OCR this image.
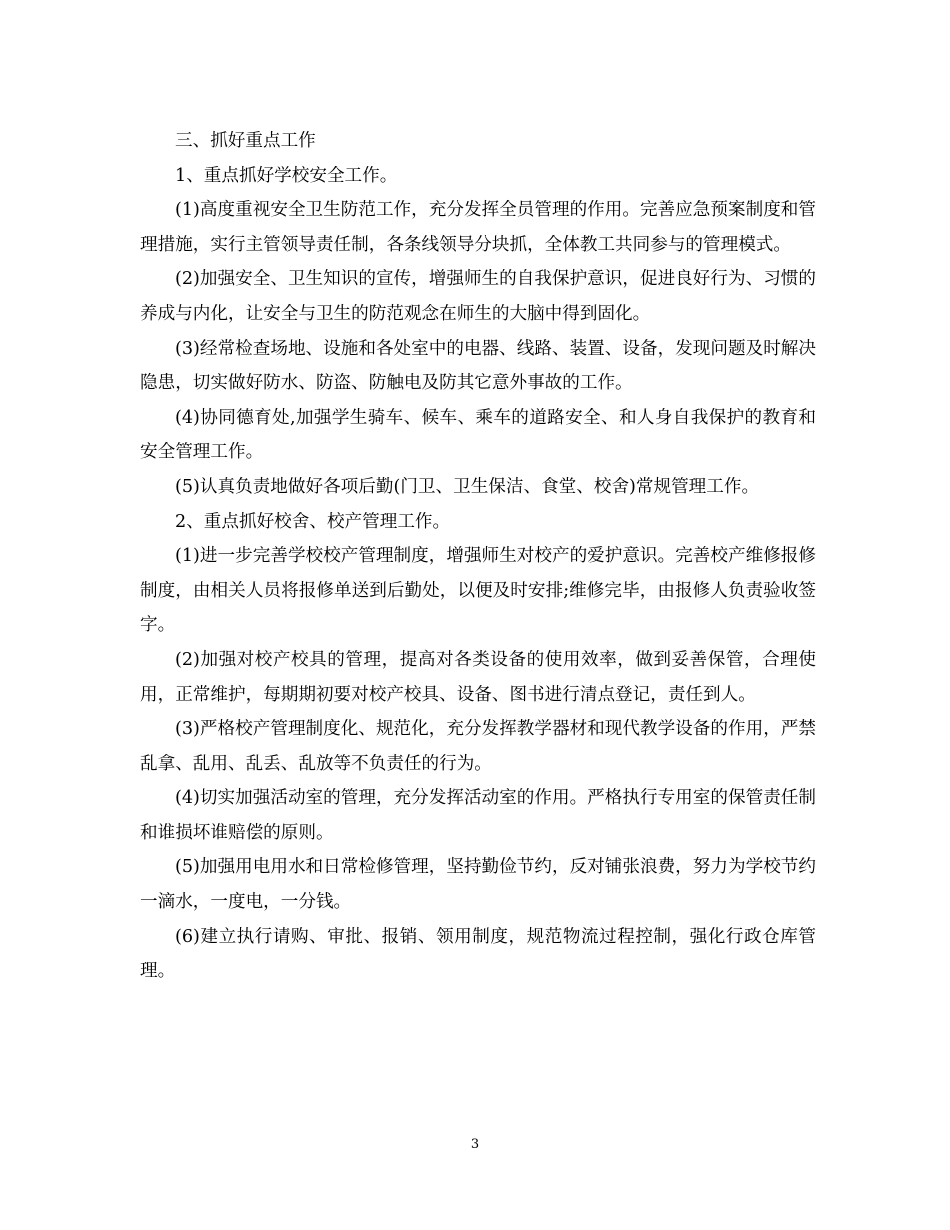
三、抓好重点工作

1、重点抓好学校安全工作。

(1)高度重视安全卫生防范工作，充分发挥全员管理的作用。完善应急预案制度和管理措施，实行主管领导责任制，各条线领导分块抓，全体教工共同参与的管理模式。

(2)加强安全、卫生知识的宣传，增强师生的自我保护意识，促进良好行为、习惯的养成与内化，让安全与卫生的防范观念在师生的大脑中得到固化。

(3)经常检查场地、设施和各处室中的电器、线路、装置、设备，发现问题及时解决隐患，切实做好防水、防盗、防触电及防其它意外事故的工作。

(4)协同德育处,加强学生骑车、候车、乘车的道路安全、和人身自我保护的教育和安全管理工作。

(5)认真负责地做好各项后勤(门卫、卫生保洁、食堂、校舍)常规管理工作。

2、重点抓好校舍、校产管理工作。

(1)进一步完善学校校产管理制度，增强师生对校产的爱护意识。完善校产维修报修制度，由相关人员将报修单送到后勤处，以便及时安排;维修完毕，由报修人负责验收签字。

(2)加强对校产校具的管理，提高对各类设备的使用效率，做到妥善保管，合理使用，正常维护，每期期初要对校产校具、设备、图书进行清点登记，责任到人。

(3)严格校产管理制度化、规范化，充分发挥教学器材和现代教学设备的作用，严禁乱拿、乱用、乱丢、乱放等不负责任的行为。

(4)切实加强活动室的管理，充分发挥活动室的作用。严格执行专用室的保管责任制和谁损坏谁赔偿的原则。

(5)加强用电用水和日常检修管理，坚持勤俭节约，反对铺张浪费，努力为学校节约一滴水，一度电，一分钱。

(6)建立执行请购、审批、报销、领用制度，规范物流过程控制，强化行政仓库管理。

3
